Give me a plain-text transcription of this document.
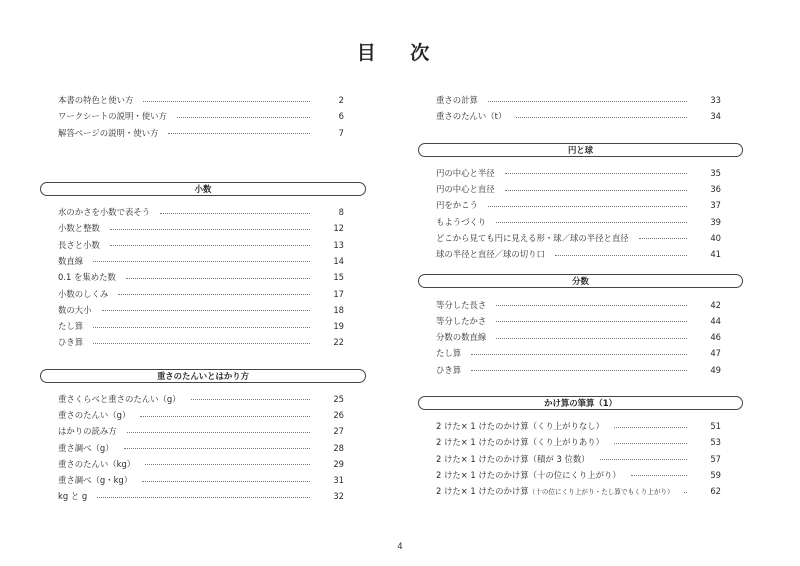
目 次
本書の特色と使い方	2
ワークシートの説明・使い方	6
解答ページの説明・使い方	7
小数
水のかさを小数で表そう	8
小数と整数	12
長さと小数	13
数直線	14
0.1 を集めた数	15
小数のしくみ	17
数の大小	18
たし算	19
ひき算	22
重さのたんいとはかり方
重さくらべと重さのたんい（g）	25
重さのたんい（g）	26
はかりの読み方	27
重さ調べ（g）	28
重さのたんい（kg）	29
重さ調べ（g・kg）	31
kg と g	32
重さの計算	33
重さのたんい（t）	34
円と球
円の中心と半径	35
円の中心と直径	36
円をかこう	37
もようづくり	39
どこから見ても円に見える形・球／球の半径と直径	40
球の半径と直径／球の切り口	41
分数
等分した長さ	42
等分したかさ	44
分数の数直線	46
たし算	47
ひき算	49
かけ算の筆算（1）
2 けた× 1 けたのかけ算（くり上がりなし）	51
2 けた× 1 けたのかけ算（くり上がりあり）	53
2 けた× 1 けたのかけ算（積が 3 位数）	57
2 けた× 1 けたのかけ算（十の位にくり上がり）	59
2 けた× 1 けたのかけ算（十の位にくり上がり・たし算でもくり上がり）	62
4
